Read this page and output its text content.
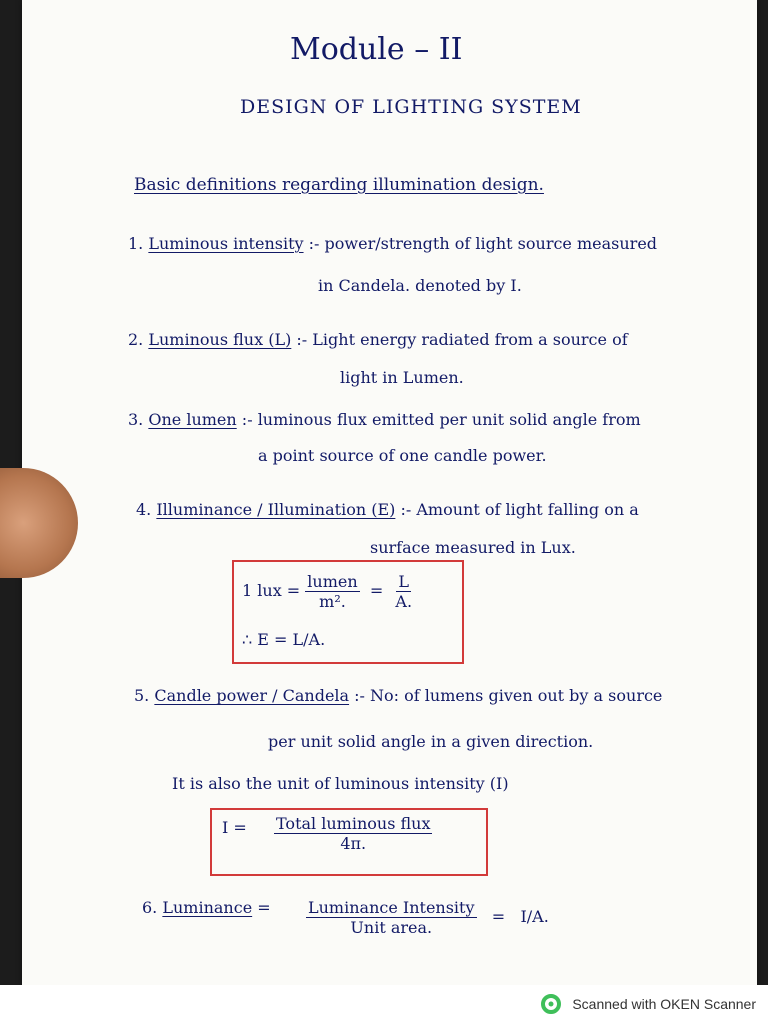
Module – II
DESIGN OF LIGHTING SYSTEM
Basic definitions regarding illumination design.
1. Luminous intensity :- power/strength of light source measured
in Candela. denoted by I.
2. Luminous flux (L) :- Light energy radiated from a source of
light in Lumen.
3. One lumen :- luminous flux emitted per unit solid angle from
a point source of one candle power.
4. Illuminance / Illumination (E) :- Amount of light falling on a
surface measured in Lux.
1 lux = $\frac{\text{lumen}}{\text{m².}} = \frac{L}{A.}$
∴ E = L/A.
5. Candle power / Candela :- No: of lumens given out by a source
per unit solid angle in a given direction.
It is also the unit of luminous intensity (I)
$I = \frac{\text{Total luminous flux}}{4\pi.}$
6. Luminance = $\frac{\text{Luminance Intensity}}{\text{Unit area.}} = I/A$.
Scanned with OKEN Scanner
